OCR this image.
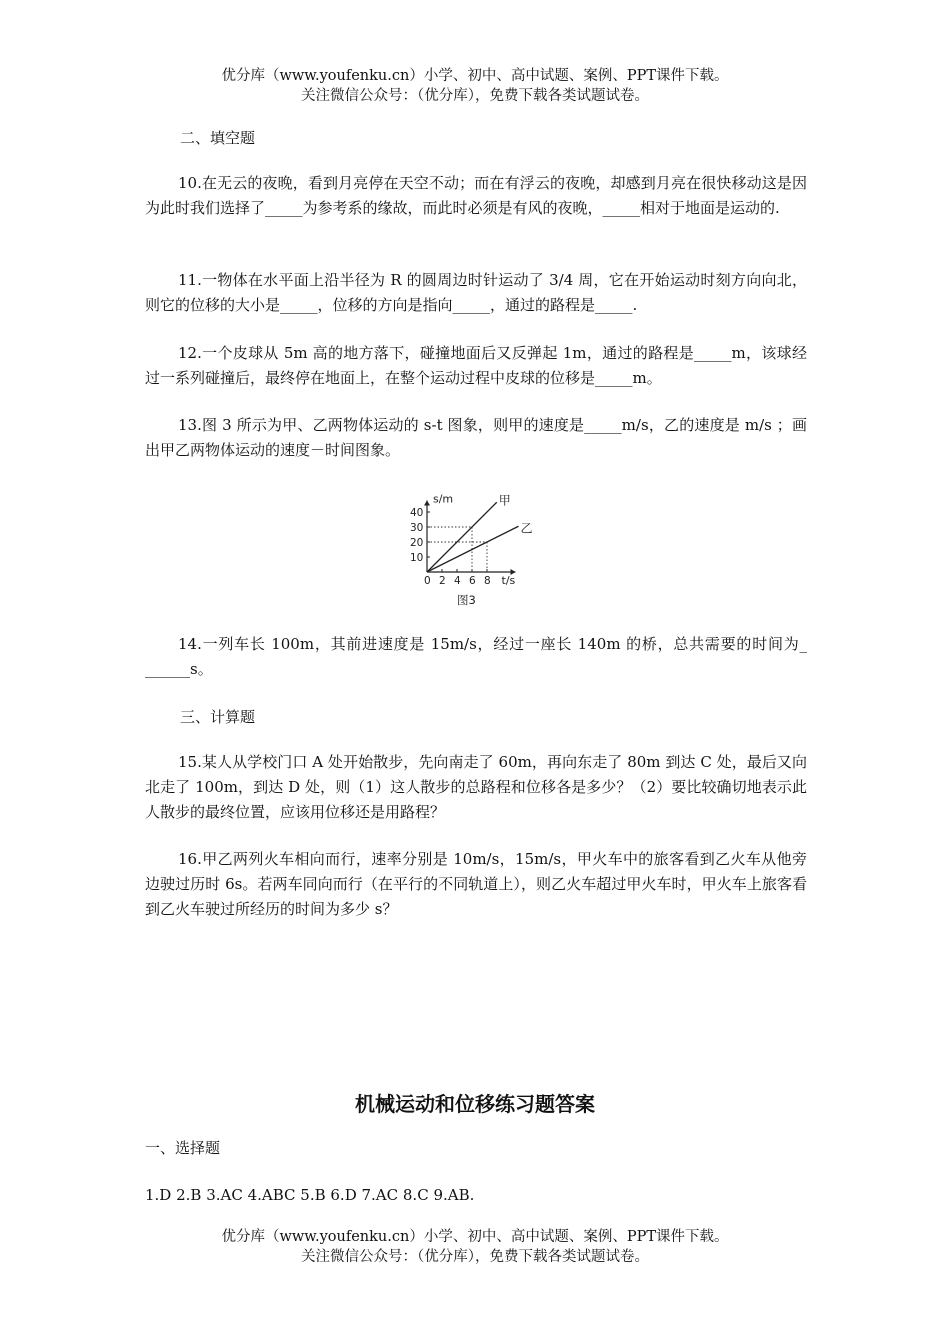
优分库（www.youfenku.cn）小学、初中、高中试题、案例、PPT课件下载。
关注微信公众号：（优分库），免费下载各类试题试卷。
二、填空题

10.在无云的夜晚，看到月亮停在天空不动；而在有浮云的夜晚，却感到月亮在很快移动这是因为此时我们选择了_____为参考系的缘故，而此时必须是有风的夜晚，_____相对于地面是运动的.

11.一物体在水平面上沿半径为 R 的圆周边时针运动了 3/4 周，它在开始运动时刻方向向北，则它的位移的大小是_____，位移的方向是指向_____，通过的路程是_____.

12.一个皮球从 5m 高的地方落下，碰撞地面后又反弹起 1m，通过的路程是_____m，该球经过一系列碰撞后，最终停在地面上，在整个运动过程中皮球的位移是_____m。

13.图 3 所示为甲、乙两物体运动的 s-t 图象，则甲的速度是_____m/s，乙的速度是 m/s ；画出甲乙两物体运动的速度－时间图象。

s/m
t/s
0 2 4 6 8
10
20
30
40
甲
乙
图3

14.一列车长 100m，其前进速度是 15m/s，经过一座长 140m 的桥，总共需要的时间为_ ______s。

三、计算题

15.某人从学校门口 A 处开始散步，先向南走了 60m，再向东走了 80m 到达 C 处，最后又向北走了 100m，到达 D 处，则（1）这人散步的总路程和位移各是多少？（2）要比较确切地表示此人散步的最终位置，应该用位移还是用路程？

16.甲乙两列火车相向而行，速率分别是 10m/s，15m/s，甲火车中的旅客看到乙火车从他旁边驶过历时 6s。若两车同向而行（在平行的不同轨道上），则乙火车超过甲火车时，甲火车上旅客看到乙火车驶过所经历的时间为多少 s？

机械运动和位移练习题答案

一、选择题

1.D 2.B 3.AC 4.ABC 5.B 6.D 7.AC 8.C 9.AB.

优分库（www.youfenku.cn）小学、初中、高中试题、案例、PPT课件下载。
关注微信公众号：（优分库），免费下载各类试题试卷。
